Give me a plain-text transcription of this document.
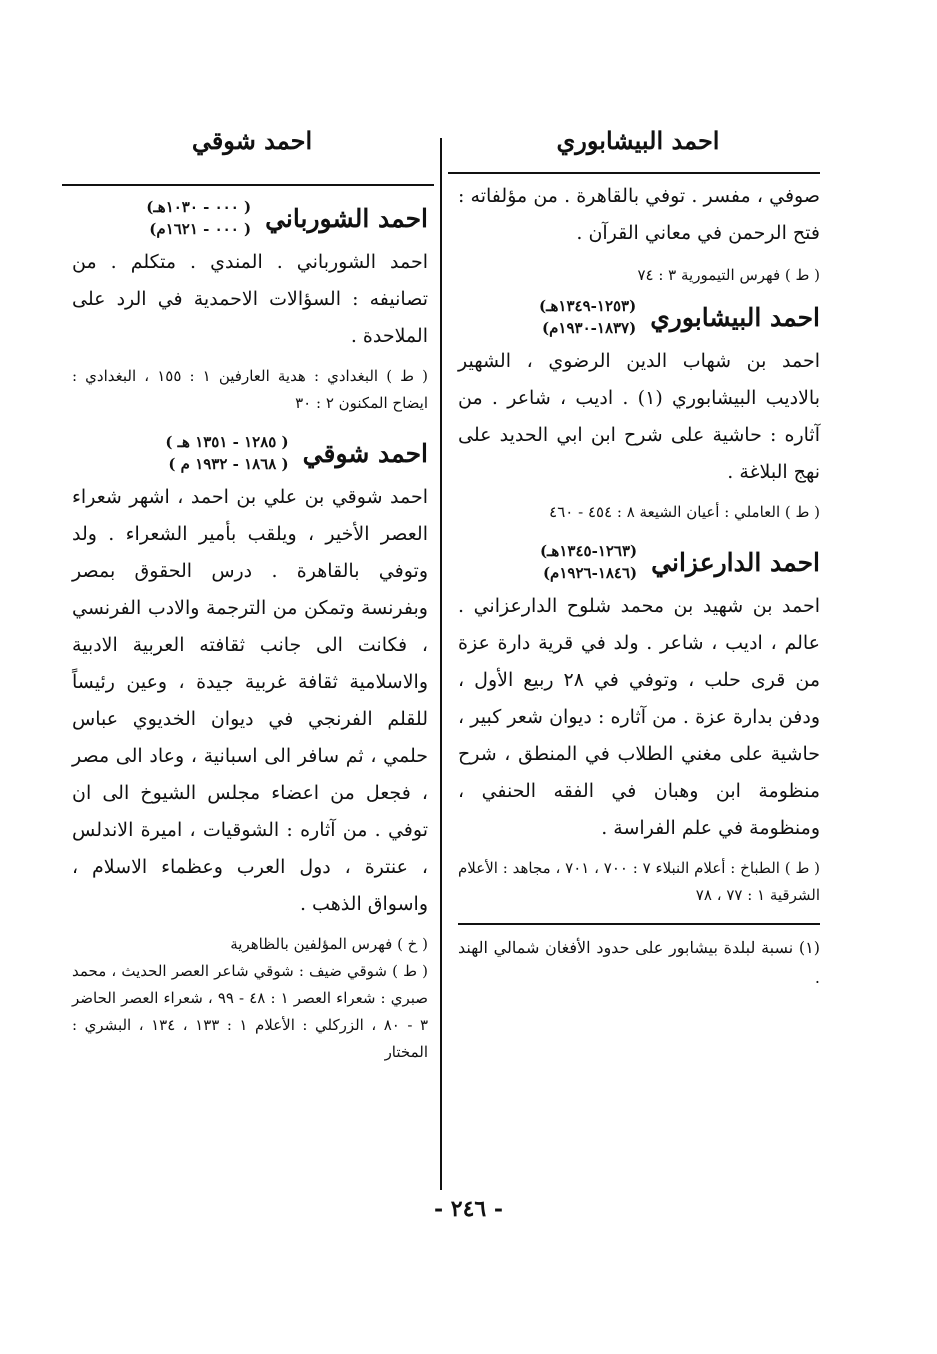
احمد البيشابوري
احمد شوقي

صوفي ، مفسر . توفي بالقاهرة . من مؤلفاته : فتح الرحمن في معاني القرآن .

( ط ) فهرس التيمورية ٣ : ٧٤

احمد البيشابوري
(١٢٥٣-١٣٤٩هـ)
(١٨٣٧-١٩٣٠م)

احمد بن شهاب الدين الرضوي ، الشهير بالاديب البيشابوري (١) . اديب ، شاعر . من آثاره : حاشية على شرح ابن ابي الحديد على نهج البلاغة .

( ط ) العاملي : أعيان الشيعة ٨ : ٤٥٤ - ٤٦٠

احمد الدارعزاني
(١٢٦٣-١٣٤٥هـ)
(١٨٤٦-١٩٢٦م)

احمد بن شهيد بن محمد شلوح الدارعزاني . عالم ، اديب ، شاعر . ولد في قرية دارة عزة من قرى حلب ، وتوفي في ٢٨ ربيع الأول ، ودفن بدارة عزة . من آثاره : ديوان شعر كبير ، حاشية على مغني الطلاب في المنطق ، شرح منظومة ابن وهبان في الفقه الحنفي ، ومنظومة في علم الفراسة .

( ط ) الطباخ : أعلام النبلاء ٧ : ٧٠٠ ، ٧٠١ ، مجاهد : الأعلام الشرقية ١ : ٧٧ ، ٧٨

(١) نسبة لبلدة بيشابور على حدود الأفغان شمالي الهند .

احمد الشورباني
( ٠٠٠ - ١٠٣٠هـ)
( ٠٠٠ - ١٦٢١م)

احمد الشورباني . المندي . متكلم . من تصانيفه : السؤالات الاحمدية في الرد على الملاحدة .

( ط ) البغدادي : هدية العارفين ١ : ١٥٥ ، البغدادي : ايضاح المكنون ٢ : ٣٠

احمد شوقي
( ١٢٨٥ - ١٣٥١ هـ )
( ١٨٦٨ - ١٩٣٢ م )

احمد شوقي بن علي بن احمد ، اشهر شعراء العصر الأخير ، ويلقب بأمير الشعراء . ولد وتوفي بالقاهرة . درس الحقوق بمصر وبفرنسة وتمكن من الترجمة والادب الفرنسي ، فكانت الى جانب ثقافته العربية الادبية والاسلامية ثقافة غربية جيدة ، وعين رئيساً للقلم الفرنجي في ديوان الخديوي عباس حلمي ، ثم سافر الى اسبانية ، وعاد الى مصر ، فجعل من اعضاء مجلس الشيوخ الى ان توفي . من آثاره : الشوقيات ، اميرة الاندلس ، عنترة ، دول العرب وعظماء الاسلام ، واسواق الذهب .

( خ ) فهرس المؤلفين بالظاهرية

( ط ) شوقي ضيف : شوقي شاعر العصر الحديث ، محمد صبري : شعراء العصر ١ : ٤٨ - ٩٩ ، شعراء العصر الحاضر ٣ - ٨٠ ، الزركلي : الأعلام ١ : ١٣٣ ، ١٣٤ ، البشري : المختار

- ٢٤٦ -
